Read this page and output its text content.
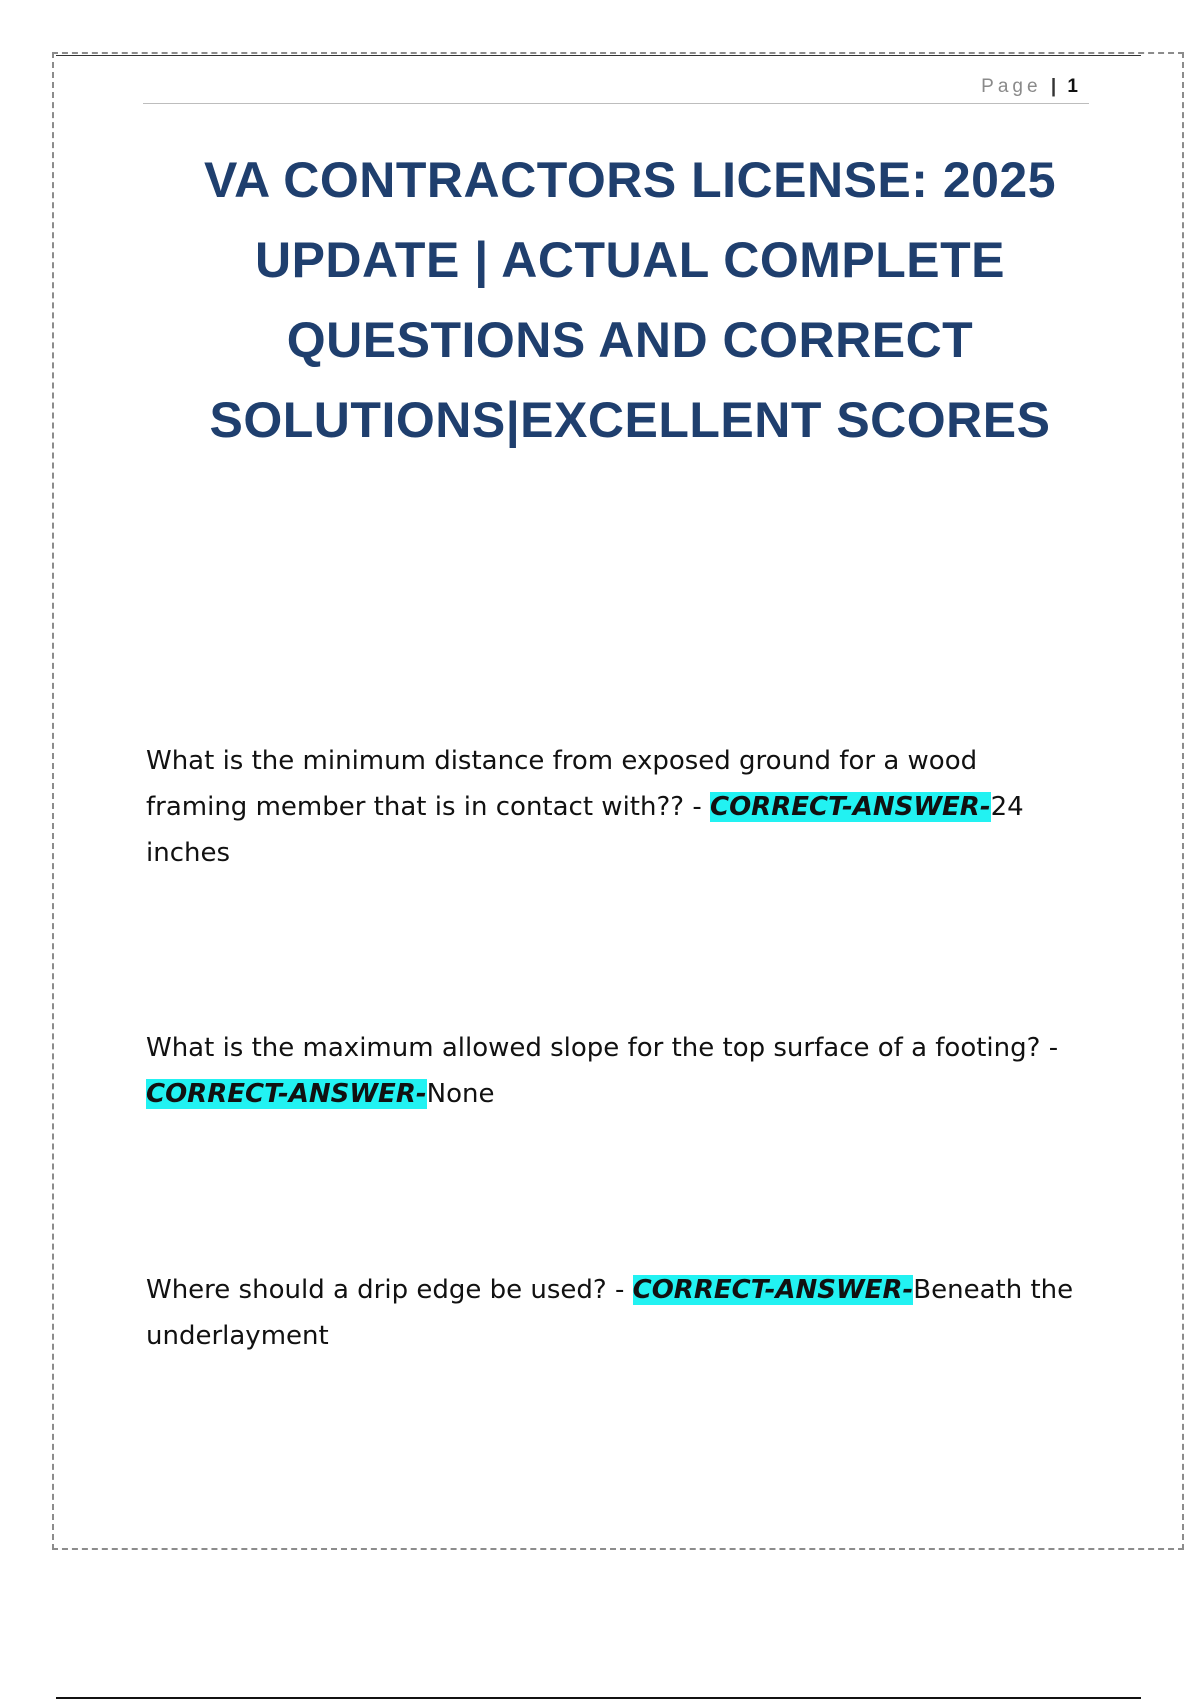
Page | 1
VA CONTRACTORS LICENSE: 2025 UPDATE | ACTUAL COMPLETE QUESTIONS AND CORRECT SOLUTIONS|EXCELLENT SCORES
What is the minimum distance from exposed ground for a wood framing member that is in contact with?? - CORRECT-ANSWER-24 inches
What is the maximum allowed slope for the top surface of a footing? - CORRECT-ANSWER-None
Where should a drip edge be used? - CORRECT-ANSWER-Beneath the underlayment
